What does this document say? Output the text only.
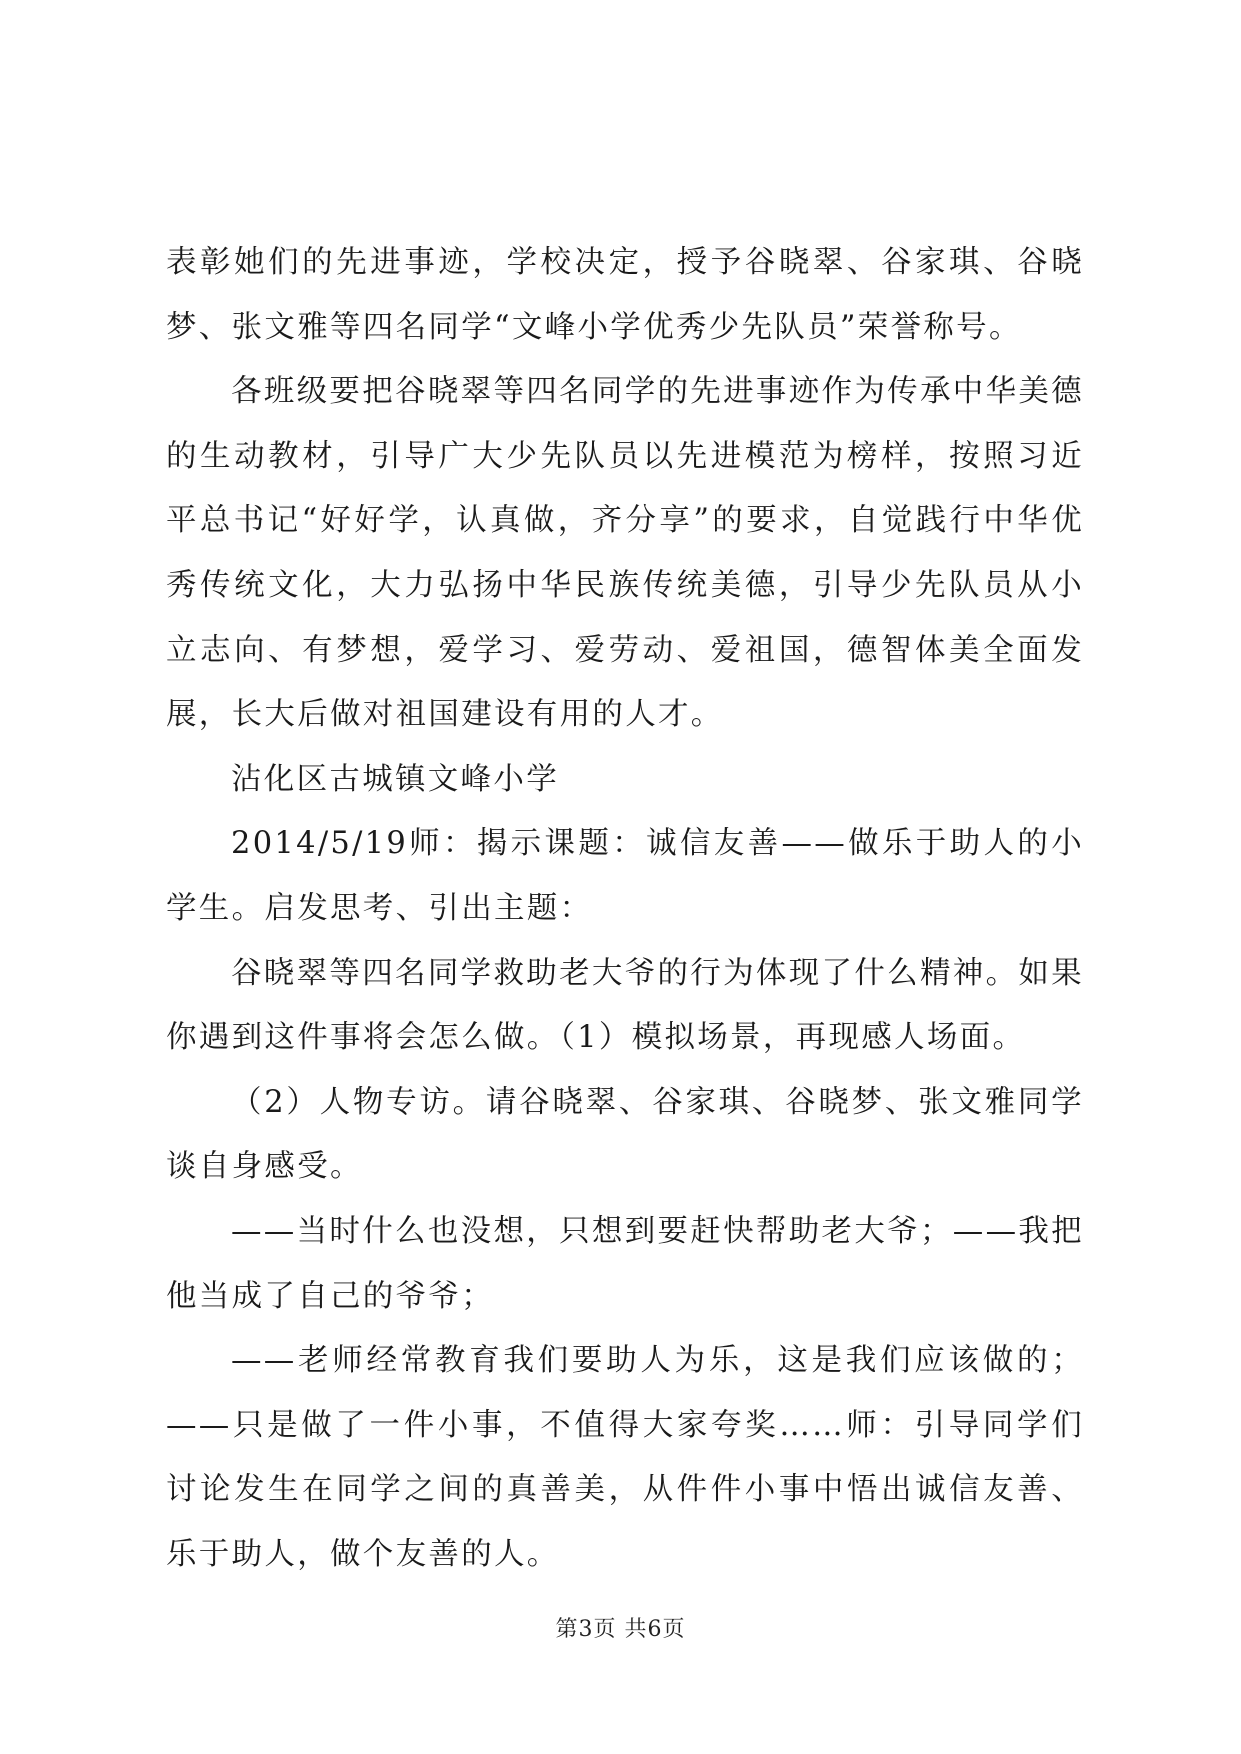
表彰她们的先进事迹，学校决定，授予谷晓翠、谷家琪、谷晓梦、张文雅等四名同学“文峰小学优秀少先队员”荣誉称号。

各班级要把谷晓翠等四名同学的先进事迹作为传承中华美德的生动教材，引导广大少先队员以先进模范为榜样，按照习近平总书记“好好学，认真做，齐分享”的要求，自觉践行中华优秀传统文化，大力弘扬中华民族传统美德，引导少先队员从小立志向、有梦想，爱学习、爱劳动、爱祖国，德智体美全面发展，长大后做对祖国建设有用的人才。

沾化区古城镇文峰小学

2014/5/19师：揭示课题：诚信友善——做乐于助人的小学生。启发思考、引出主题：

谷晓翠等四名同学救助老大爷的行为体现了什么精神。如果你遇到这件事将会怎么做。（1）模拟场景，再现感人场面。

（2）人物专访。请谷晓翠、谷家琪、谷晓梦、张文雅同学谈自身感受。

——当时什么也没想，只想到要赶快帮助老大爷；——我把他当成了自己的爷爷；

——老师经常教育我们要助人为乐，这是我们应该做的；——只是做了一件小事，不值得大家夸奖……师：引导同学们讨论发生在同学之间的真善美，从件件小事中悟出诚信友善、乐于助人，做个友善的人。

第3页 共6页
